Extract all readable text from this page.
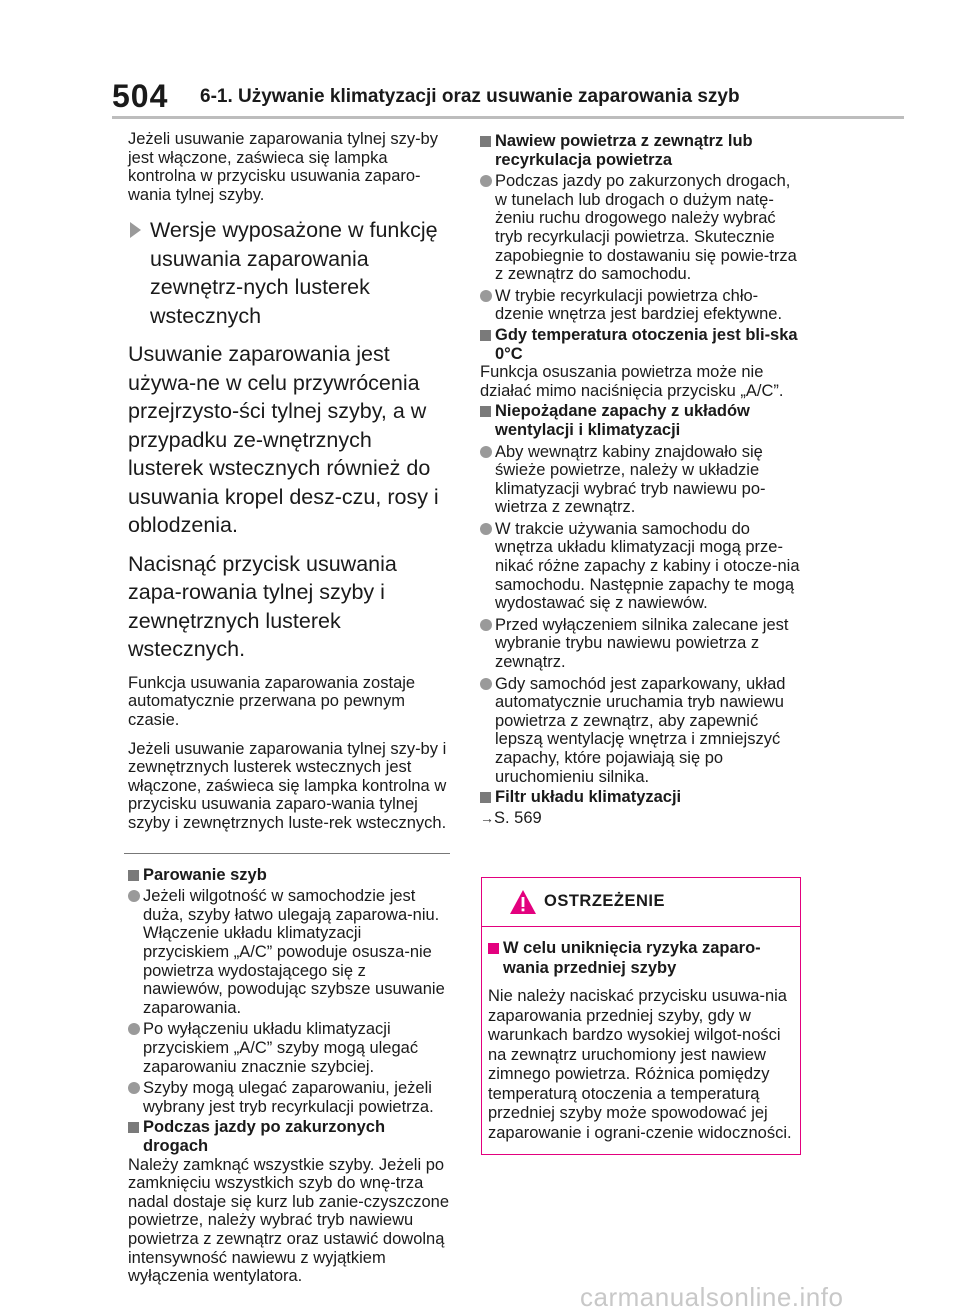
504 6-1. Używanie klimatyzacji oraz usuwanie zaparowania szyb

Jeżeli usuwanie zaparowania tylnej szy-by jest włączone, zaświeca się lampka kontrolna w przycisku usuwania zaparo-wania tylnej szyby.

Wersje wyposażone w funkcję usuwania zaparowania zewnętrz-nych lusterek wstecznych

Usuwanie zaparowania jest używa-ne w celu przywrócenia przejrzysto-ści tylnej szyby, a w przypadku ze-wnętrznych lusterek wstecznych również do usuwania kropel desz-czu, rosy i oblodzenia.

Nacisnąć przycisk usuwania zapa-rowania tylnej szyby i zewnętrznych lusterek wstecznych.

Funkcja usuwania zaparowania zostaje automatycznie przerwana po pewnym czasie.

Jeżeli usuwanie zaparowania tylnej szy-by i zewnętrznych lusterek wstecznych jest włączone, zaświeca się lampka kontrolna w przycisku usuwania zaparo-wania tylnej szyby i zewnętrznych luste-rek wstecznych.

Parowanie szyb
Jeżeli wilgotność w samochodzie jest duża, szyby łatwo ulegają zaparowa-niu. Włączenie układu klimatyzacji przyciskiem „A/C” powoduje osusza-nie powietrza wydostającego się z nawiewów, powodując szybsze usuwanie zaparowania.
Po wyłączeniu układu klimatyzacji przyciskiem „A/C” szyby mogą ulegać zaparowaniu znacznie szybciej.
Szyby mogą ulegać zaparowaniu, jeżeli wybrany jest tryb recyrkulacji powietrza.
Podczas jazdy po zakurzonych drogach

Należy zamknąć wszystkie szyby. Jeżeli po zamknięciu wszystkich szyb do wnę-trza nadal dostaje się kurz lub zanie-czyszczone powietrze, należy wybrać tryb nawiewu powietrza z zewnątrz oraz ustawić dowolną intensywność nawiewu z wyjątkiem wyłączenia wentylatora.

Nawiew powietrza z zewnątrz lub recyrkulacja powietrza
Podczas jazdy po zakurzonych drogach, w tunelach lub drogach o dużym natę-żeniu ruchu drogowego należy wybrać tryb recyrkulacji powietrza. Skutecznie zapobiegnie to dostawaniu się powie-trza z zewnątrz do samochodu.
W trybie recyrkulacji powietrza chło-dzenie wnętrza jest bardziej efektywne.
Gdy temperatura otoczenia jest bli-ska 0°C

Funkcja osuszania powietrza może nie działać mimo naciśnięcia przycisku „A/C”.

Niepożądane zapachy z układów wentylacji i klimatyzacji
Aby wewnątrz kabiny znajdowało się świeże powietrze, należy w układzie klimatyzacji wybrać tryb nawiewu po-wietrza z zewnątrz.
W trakcie używania samochodu do wnętrza układu klimatyzacji mogą prze-nikać różne zapachy z kabiny i otocze-nia samochodu. Następnie zapachy te mogą wydostawać się z nawiewów.
Przed wyłączeniem silnika zalecane jest wybranie trybu nawiewu powietrza z zewnątrz.
Gdy samochód jest zaparkowany, układ automatycznie uruchamia tryb nawiewu powietrza z zewnątrz, aby zapewnić lepszą wentylację wnętrza i zmniejszyć zapachy, które pojawiają się po uruchomieniu silnika.
Filtr układu klimatyzacji

→S. 569

OSTRZEŻENIE
W celu uniknięcia ryzyka zaparo-wania przedniej szyby

Nie należy naciskać przycisku usuwa-nia zaparowania przedniej szyby, gdy w warunkach bardzo wysokiej wilgot-ności na zewnątrz uruchomiony jest nawiew zimnego powietrza. Różnica pomiędzy temperaturą otoczenia a temperaturą przedniej szyby może spowodować jej zaparowanie i ograni-czenie widoczności.

carmanualsonline.info
